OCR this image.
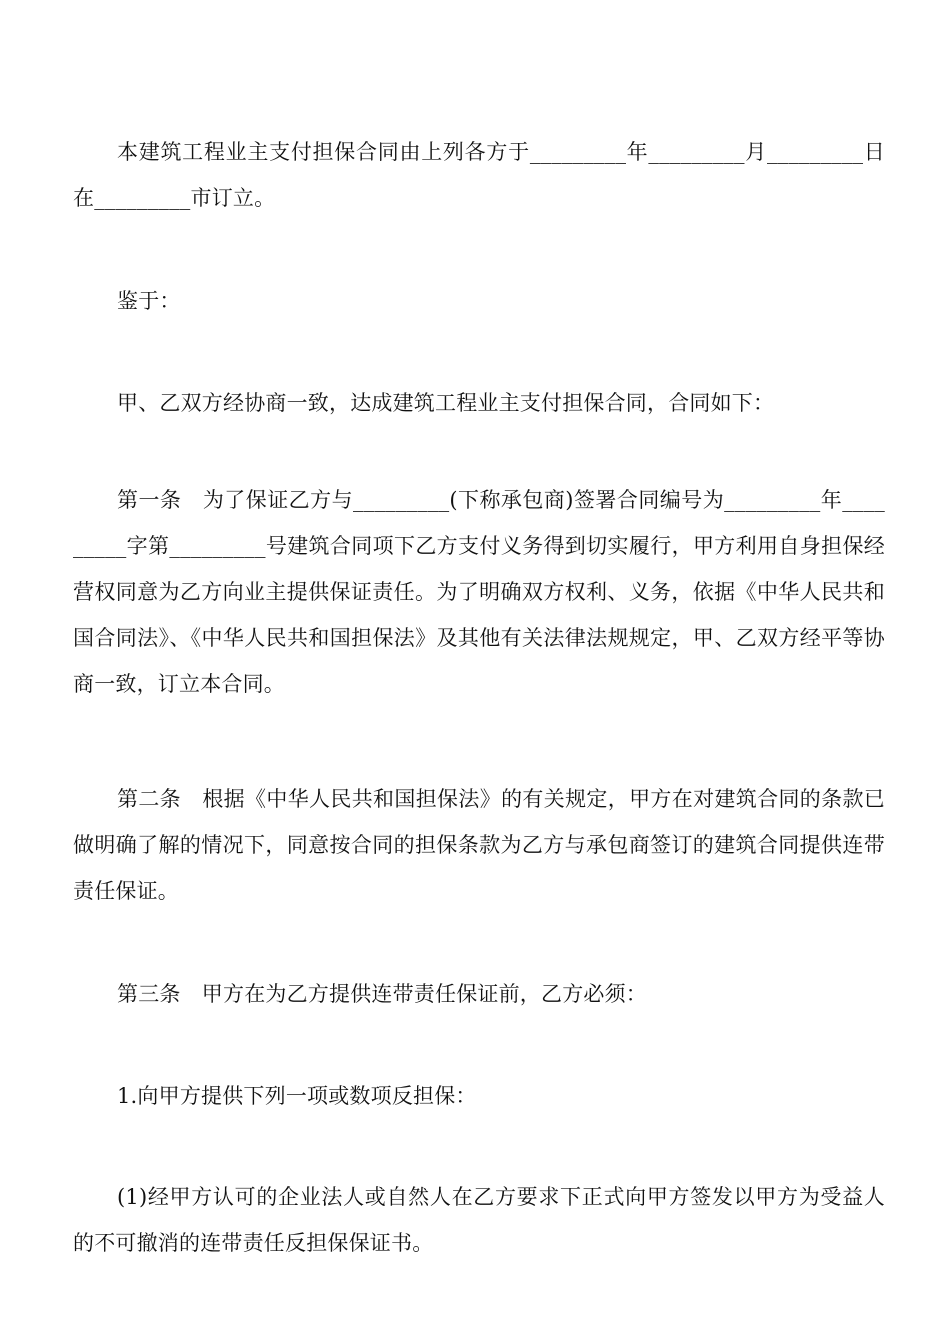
本建筑工程业主支付担保合同由上列各方于_________年_________月_________日在_________市订立。

鉴于：

甲、乙双方经协商一致，达成建筑工程业主支付担保合同，合同如下：

第一条　为了保证乙方与_________(下称承包商)签署合同编号为_________年_________字第_________号建筑合同项下乙方支付义务得到切实履行，甲方利用自身担保经营权同意为乙方向业主提供保证责任。为了明确双方权利、义务，依据《中华人民共和国合同法》、《中华人民共和国担保法》及其他有关法律法规规定，甲、乙双方经平等协商一致，订立本合同。

第二条　根据《中华人民共和国担保法》的有关规定，甲方在对建筑合同的条款已做明确了解的情况下，同意按合同的担保条款为乙方与承包商签订的建筑合同提供连带责任保证。

第三条　甲方在为乙方提供连带责任保证前，乙方必须：

1.向甲方提供下列一项或数项反担保：

(1)经甲方认可的企业法人或自然人在乙方要求下正式向甲方签发以甲方为受益人的不可撤消的连带责任反担保保证书。
